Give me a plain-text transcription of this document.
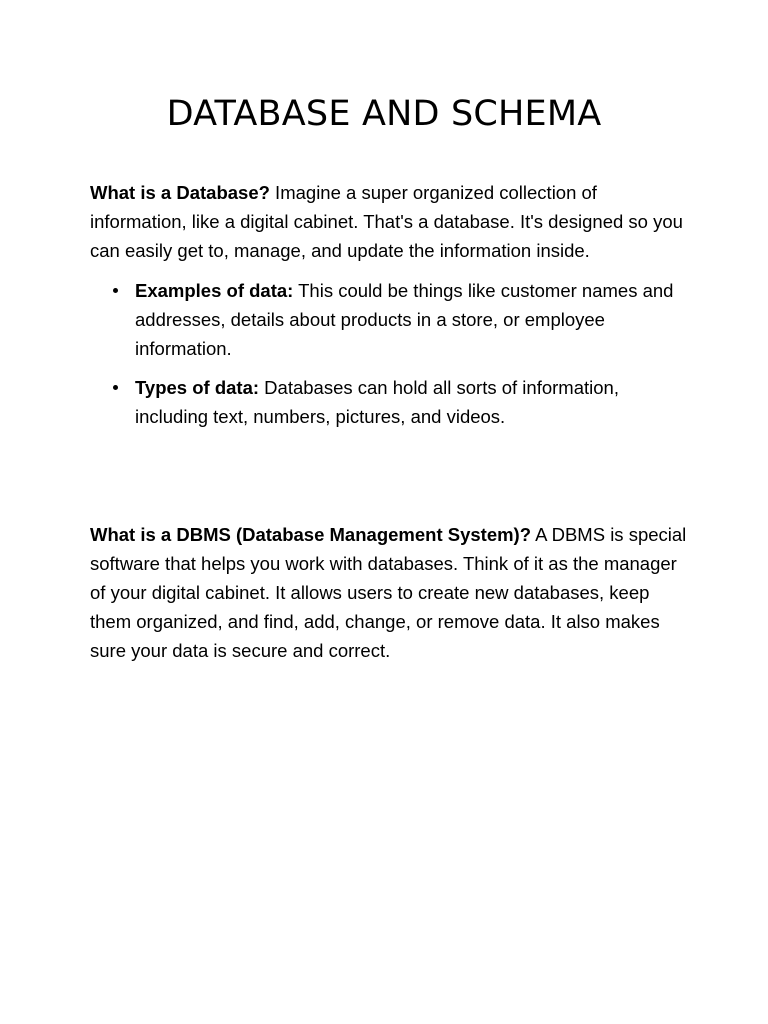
DATABASE AND SCHEMA

What is a Database? Imagine a super organized collection of information, like a digital cabinet. That's a database. It's designed so you can easily get to, manage, and update the information inside.

Examples of data: This could be things like customer names and addresses, details about products in a store, or employee information.
Types of data: Databases can hold all sorts of information, including text, numbers, pictures, and videos.

What is a DBMS (Database Management System)? A DBMS is special software that helps you work with databases. Think of it as the manager of your digital cabinet. It allows users to create new databases, keep them organized, and find, add, change, or remove data. It also makes sure your data is secure and correct.
